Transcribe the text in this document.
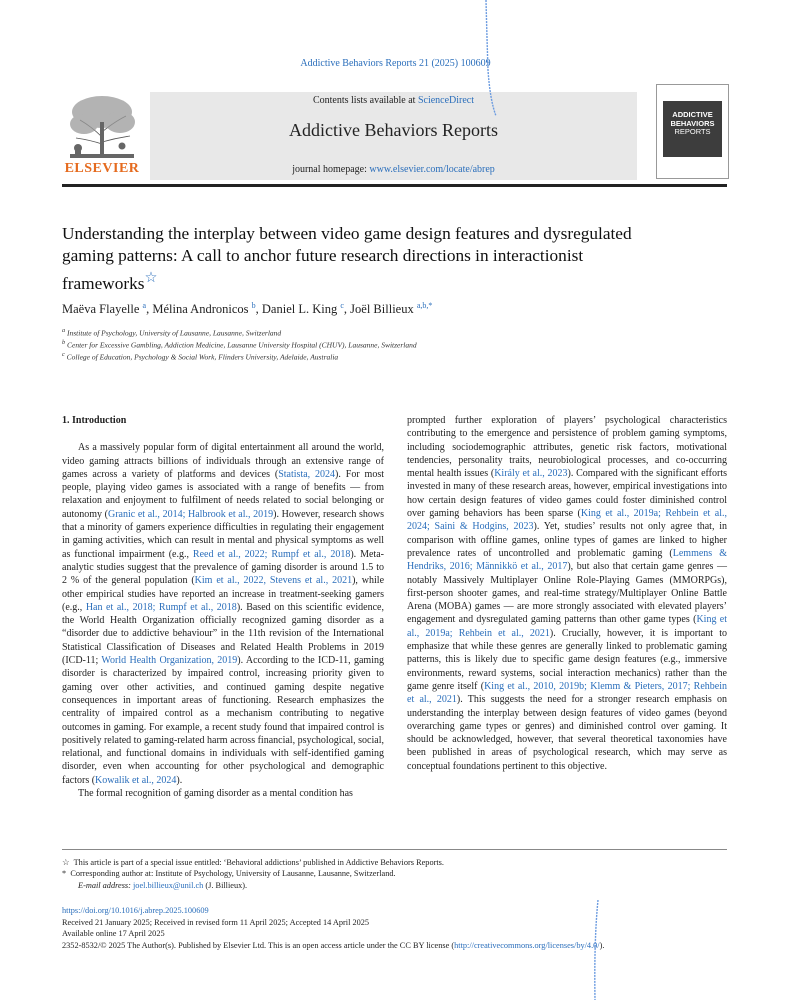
Addictive Behaviors Reports 21 (2025) 100609
ELSEVIER
Contents lists available at ScienceDirect
Addictive Behaviors Reports
journal homepage: www.elsevier.com/locate/abrep
ADDICTIVE
BEHAVIORS
REPORTS
Understanding the interplay between video game design features and dysregulated gaming patterns: A call to anchor future research directions in interactionist frameworks☆
Maëva Flayelle $^a$, Mélina Andronicos $^b$, Daniel L. King $^c$, Joël Billieux $^{a,b,*}$
$^a$ Institute of Psychology, University of Lausanne, Lausanne, Switzerland
$^b$ Center for Excessive Gambling, Addiction Medicine, Lausanne University Hospital (CHUV), Lausanne, Switzerland
$^c$ College of Education, Psychology & Social Work, Flinders University, Adelaide, Australia
1. Introduction

As a massively popular form of digital entertainment all around the world, video gaming attracts billions of individuals through an extensive range of games across a variety of platforms and devices (Statista, 2024). For most people, playing video games is associated with a range of benefits — from relaxation and enjoyment to fulfilment of needs related to social belonging or autonomy (Granic et al., 2014; Halbrook et al., 2019). However, research shows that a minority of gamers experience difficulties in regulating their engagement in gaming activities, which can result in mental and physical symptoms as well as functional impairment (e.g., Reed et al., 2022; Rumpf et al., 2018). Meta-analytic studies suggest that the prevalence of gaming disorder is around 1.5 to 2 % of the general population (Kim et al., 2022, Stevens et al., 2021), while other empirical studies have reported an increase in treatment-seeking gamers (e.g., Han et al., 2018; Rumpf et al., 2018). Based on this scientific evidence, the World Health Organization officially recognized gaming disorder as a “disorder due to addictive behaviour” in the 11th revision of the International Statistical Classification of Diseases and Related Health Problems in 2019 (ICD-11; World Health Organization, 2019). According to the ICD-11, gaming disorder is characterized by impaired control, increasing priority given to gaming over other activities, and continued gaming despite negative consequences in important areas of functioning. Research emphasizes the centrality of impaired control as a mechanism contributing to negative outcomes in gaming. For example, a recent study found that impaired control is positively related to gaming-related harm across financial, psychological, social, relational, and functional domains in individuals with self-identified gaming disorder, even when accounting for other psychological and demographic factors (Kowalik et al., 2024).

The formal recognition of gaming disorder as a mental condition has

prompted further exploration of players’ psychological characteristics contributing to the emergence and persistence of problem gaming symptoms, including sociodemographic attributes, genetic risk factors, motivational tendencies, personality traits, neurobiological processes, and co-occurring mental health issues (Király et al., 2023). Compared with the significant efforts invested in many of these research areas, however, empirical investigations into how certain design features of video games could foster diminished control over gaming behaviors has been sparse (King et al., 2019a; Rehbein et al., 2024; Saini & Hodgins, 2023). Yet, studies’ results not only agree that, in comparison with offline games, online types of games are linked to higher prevalence rates of uncontrolled and problematic gaming (Lemmens & Hendriks, 2016; Männikkö et al., 2017), but also that certain game genres — notably Massively Multiplayer Online Role-Playing Games (MMORPGs), first-person shooter games, and real-time strategy/Multiplayer Online Battle Arena (MOBA) games — are more strongly associated with elevated players’ engagement and dysregulated gaming patterns than other game types (King et al., 2019a; Rehbein et al., 2021). Crucially, however, it is important to emphasize that while these genres are generally linked to problematic gaming patterns, this is likely due to specific game design features (e.g., immersive environments, reward systems, social interaction mechanics) rather than the game genre itself (King et al., 2010, 2019b; Klemm & Pieters, 2017; Rehbein et al., 2021). This suggests the need for a stronger research emphasis on understanding the interplay between design features of video games (beyond overarching game types or genres) and diminished control over gaming. It should be acknowledged, however, that several theoretical taxonomies have been published in areas of psychological research, which may serve as conceptual foundations pertinent to this objective.

☆ This article is part of a special issue entitled: ‘Behavioral addictions’ published in Addictive Behaviors Reports.
* Corresponding author at: Institute of Psychology, University of Lausanne, Lausanne, Switzerland.
E-mail address: joel.billieux@unil.ch (J. Billieux).
https://doi.org/10.1016/j.abrep.2025.100609
Received 21 January 2025; Received in revised form 11 April 2025; Accepted 14 April 2025
Available online 17 April 2025
2352-8532/© 2025 The Author(s). Published by Elsevier Ltd. This is an open access article under the CC BY license (http://creativecommons.org/licenses/by/4.0/).
